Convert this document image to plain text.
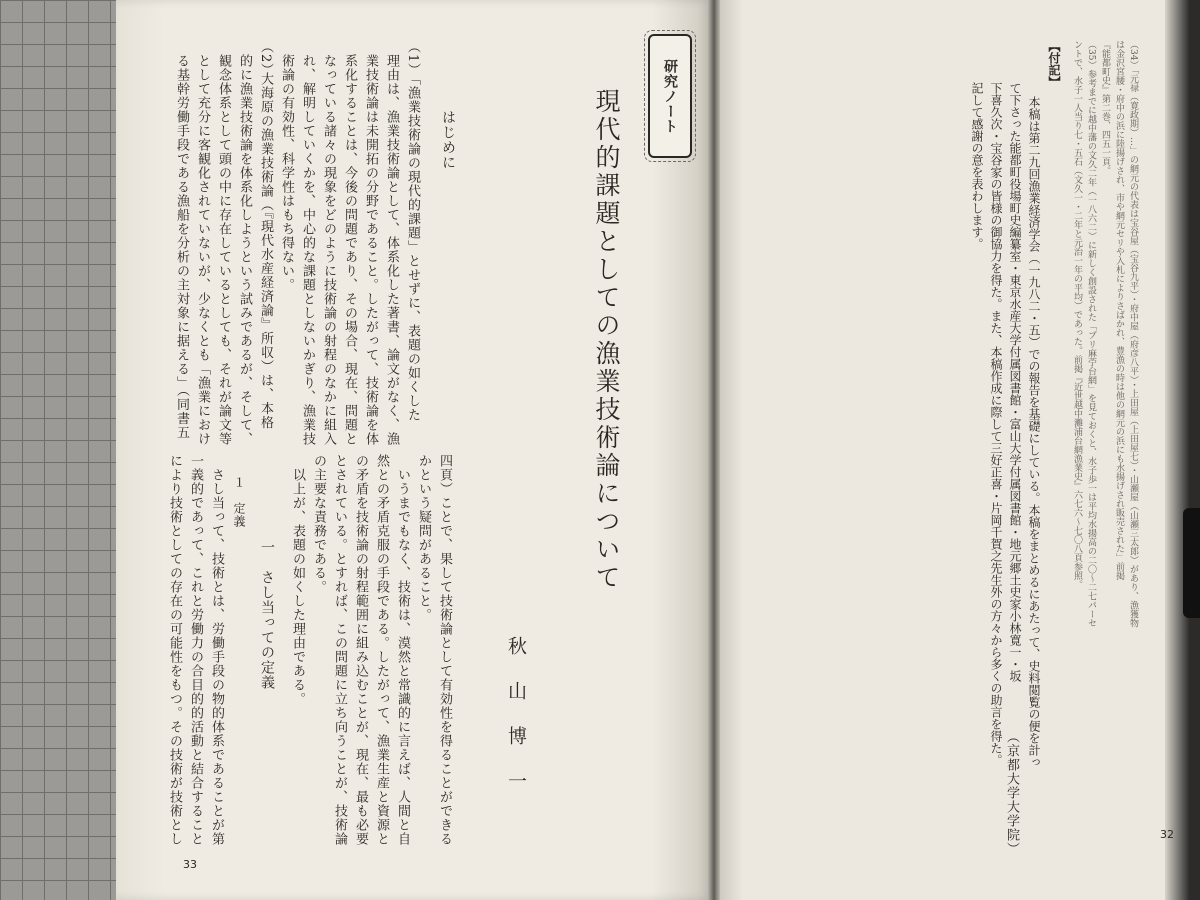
研究ノート
現代的課題としての漁業技術論について
秋山博一
はじめに
（1）
「漁業技術論の現代的課題」とせずに、表題の如くした
理由は、漁業技術論として、体系化した著書、論文がなく、漁
業技術論は未開拓の分野であること。したがって、技術論を体
系化することは、今後の問題であり、その場合、現在、問題と
なっている諸々の現象をどのように技術論の射程のなかに組入
れ、解明していくかを、中心的な課題としないかぎり、漁業技
術論の有効性、科学性はもち得ない。
（2）
大海原の漁業技術論（『現代水産経済論』所収）は、本格
的に漁業技術論を体系化しようという試みであるが、そして、
観念体系として頭の中に存在しているとしても、それが論文等
として充分に客観化されていないが、少なくとも「漁業におけ
る基幹労働手段である漁船を分析の主対象に据える」（同書五
四頁）ことで、果して技術論として有効性を得ることができる
かという疑問があること。
いうまでもなく、技術は、漠然と常識的に言えば、人間と自
然との矛盾克服の手段である。したがって、漁業生産と資源と
の矛盾を技術論の射程範囲に組み込むことが、現在、最も必要
とされている。とすれば、この問題に立ち向うことが、技術論
の主要な責務である。
以上が、表題の如くした理由である。
一　さし当っての定義
１　定義
さし当って、技術とは、労働手段の物的体系であることが第
一義的であって、これと労働力の合目的的活動と結合すること
により技術としての存在の可能性をもつ。その技術が技術とし
33
（34）「元禄（寛政期）…」の網元の代表は宝谷屋（宝谷九平）・府中屋（府彦八平）・上田屋（上田屋七）・山瀬屋（山瀬三太郎）があり、漁獲物
は金沢宮腰・府中の浜に陸揚げされ、市や網元セリや入札によりさばかれ、豊漁の時は他の網元の浜にも水揚げされ販売された」前掲
『能都町史』第二巻、四五一頁。
（35）参考までに越中藩の文久二年（一八六二）に新しく創設された「ブリ麻苧台網」を見ておくと、水子歩一は平均水揚高の二〇〜二七パーセ
ントで、水子一人当り七・五石（文久一・二年と元治一年の平均）であった。前掲『近世越中灘浦台網漁業史』六七六〜七〇八頁参照。
【付記】
本稿は第二九回漁業経済学会（一九八二・五）での報告を基礎にしている。本稿をまとめるにあたって、史料閲覧の便を計っ
て下さった能都町役場町史編纂室・東京水産大学付属図書館・富山大学付属図書館・地元郷土史家小林寛一・坂
下喜久次・宝谷家の皆様の御協力を得た。また、本稿作成に際して三好正喜・片岡千賀之先生外の方々から多くの助言を得た。
記して感謝の意を表わします。
（京都大学大学院）	32
